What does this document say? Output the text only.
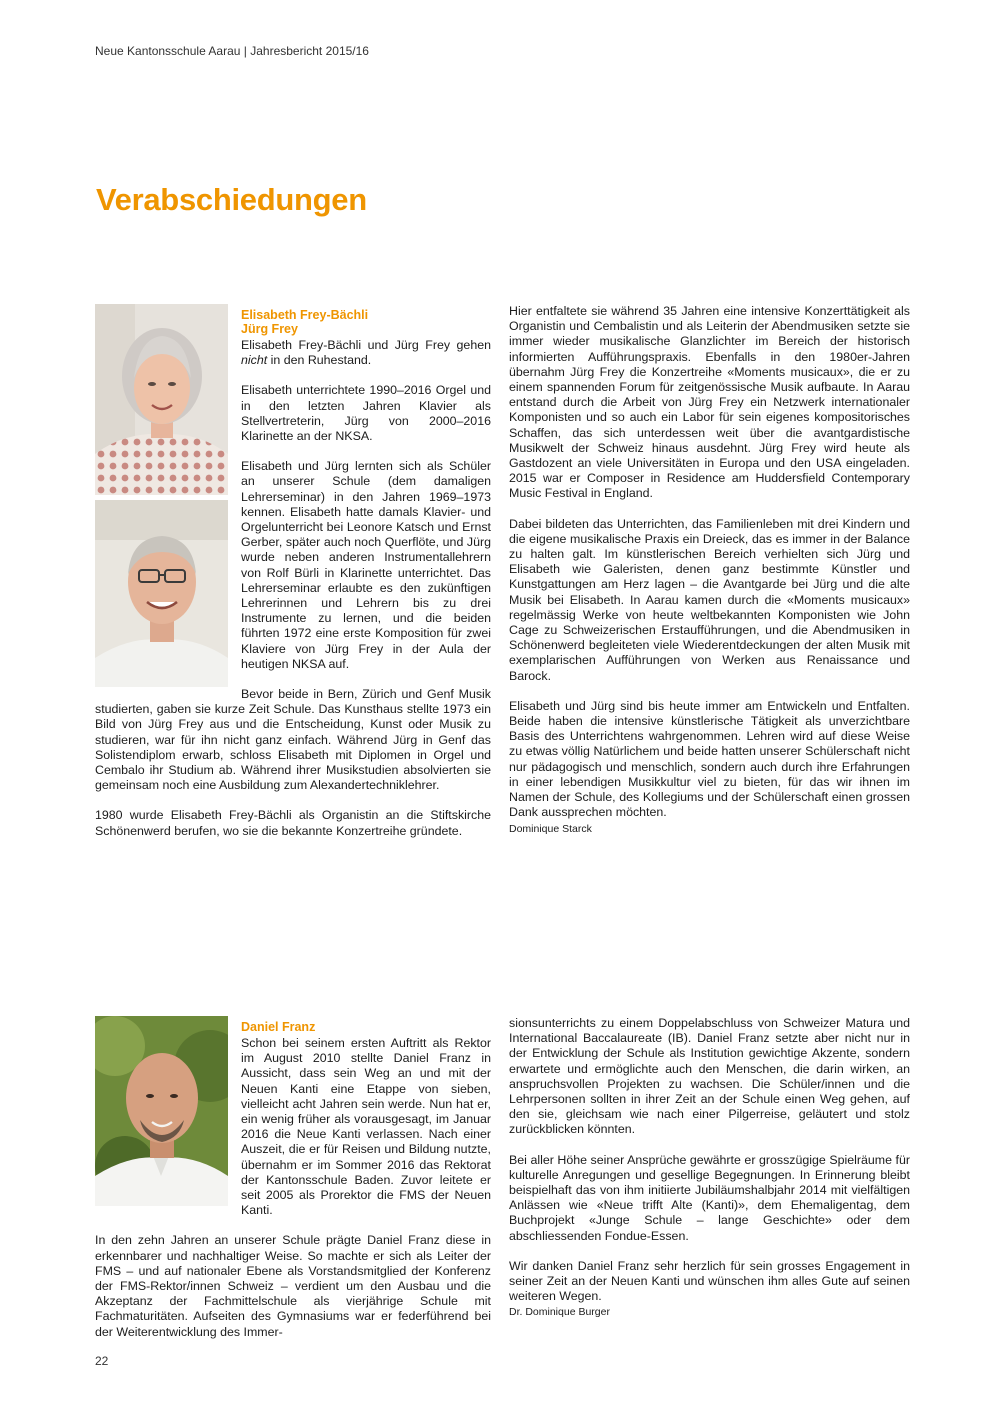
Neue Kantonsschule Aarau | Jahresbericht 2015/16
Verabschiedungen
Elisabeth Frey-Bächli
Jürg Frey

Elisabeth Frey-Bächli und Jürg Frey gehen nicht in den Ruhestand.

Elisabeth unterrichtete 1990–2016 Orgel und in den letzten Jahren Klavier als Stellvertreterin, Jürg von 2000–2016 Klarinette an der NKSA.

Elisabeth und Jürg lernten sich als Schüler an unserer Schule (dem damaligen Lehrerseminar) in den Jahren 1969–1973 kennen. Elisabeth hatte damals Klavier- und Orgelunterricht bei Leonore Katsch und Ernst Gerber, später auch noch Querflöte, und Jürg wurde neben anderen Instrumentallehrern von Rolf Bürli in Klarinette unterrichtet. Das Lehrerseminar erlaubte es den zukünftigen Lehrerinnen und Lehrern bis zu drei Instrumente zu lernen, und die beiden führten 1972 eine erste Komposition für zwei Klaviere von Jürg Frey in der Aula der heutigen NKSA auf.

Bevor beide in Bern, Zürich und Genf Musik studierten, gaben sie kurze Zeit Schule. Das Kunsthaus stellte 1973 ein Bild von Jürg Frey aus und die Entscheidung, Kunst oder Musik zu studieren, war für ihn nicht ganz einfach. Während Jürg in Genf das Solistendiplom erwarb, schloss Elisabeth mit Diplomen in Orgel und Cembalo ihr Studium ab. Während ihrer Musikstudien absolvierten sie gemeinsam noch eine Ausbildung zum Alexandertechniklehrer.

1980 wurde Elisabeth Frey-Bächli als Organistin an die Stiftskirche Schönenwerd berufen, wo sie die bekannte Konzertreihe gründete.

Hier entfaltete sie während 35 Jahren eine intensive Konzerttätigkeit als Organistin und Cembalistin und als Leiterin der Abendmusiken setzte sie immer wieder musikalische Glanzlichter im Bereich der historisch informierten Aufführungspraxis. Ebenfalls in den 1980er-Jahren übernahm Jürg Frey die Konzertreihe «Moments musicaux», die er zu einem spannenden Forum für zeitgenössische Musik aufbaute. In Aarau entstand durch die Arbeit von Jürg Frey ein Netzwerk internationaler Komponisten und so auch ein Labor für sein eigenes kompositorisches Schaffen, das sich unterdessen weit über die avantgardistische Musikwelt der Schweiz hinaus ausdehnt. Jürg Frey wird heute als Gastdozent an viele Universitäten in Europa und den USA eingeladen. 2015 war er Composer in Residence am Huddersfield Contemporary Music Festival in England.

Dabei bildeten das Unterrichten, das Familienleben mit drei Kindern und die eigene musikalische Praxis ein Dreieck, das es immer in der Balance zu halten galt. Im künstlerischen Bereich verhielten sich Jürg und Elisabeth wie Galeristen, denen ganz bestimmte Künstler und Kunstgattungen am Herz lagen – die Avantgarde bei Jürg und die alte Musik bei Elisabeth. In Aarau kamen durch die «Moments musicaux» regelmässig Werke von heute weltbekannten Komponisten wie John Cage zu Schweizerischen Erstaufführungen, und die Abendmusiken in Schönenwerd begleiteten viele Wiederentdeckungen der alten Musik mit exemplarischen Aufführungen von Werken aus Renaissance und Barock.

Elisabeth und Jürg sind bis heute immer am Entwickeln und Entfalten. Beide haben die intensive künstlerische Tätigkeit als unverzichtbare Basis des Unterrichtens wahrgenommen. Lehren wird auf diese Weise zu etwas völlig Natürlichem und beide hatten unserer Schülerschaft nicht nur pädagogisch und menschlich, sondern auch durch ihre Erfahrungen in einer lebendigen Musikkultur viel zu bieten, für das wir ihnen im Namen der Schule, des Kollegiums und der Schülerschaft einen grossen Dank aussprechen möchten.

Dominique Starck
Daniel Franz

Schon bei seinem ersten Auftritt als Rektor im August 2010 stellte Daniel Franz in Aussicht, dass sein Weg an und mit der Neuen Kanti eine Etappe von sieben, vielleicht acht Jahren sein werde. Nun hat er, ein wenig früher als vorausgesagt, im Januar 2016 die Neue Kanti verlassen. Nach einer Auszeit, die er für Reisen und Bildung nutzte, übernahm er im Sommer 2016 das Rektorat der Kantonsschule Baden. Zuvor leitete er seit 2005 als Prorektor die FMS der Neuen Kanti.

In den zehn Jahren an unserer Schule prägte Daniel Franz diese in erkennbarer und nachhaltiger Weise. So machte er sich als Leiter der FMS – und auf nationaler Ebene als Vorstandsmitglied der Konferenz der FMS-Rektor/innen Schweiz – verdient um den Ausbau und die Akzeptanz der Fachmittelschule als vierjährige Schule mit Fachmaturitäten. Aufseiten des Gymnasiums war er federführend bei der Weiterentwicklung des Immer-

sionsunterrichts zu einem Doppelabschluss von Schweizer Matura und International Baccalaureate (IB). Daniel Franz setzte aber nicht nur in der Entwicklung der Schule als Institution gewichtige Akzente, sondern erwartete und ermöglichte auch den Menschen, die darin wirken, an anspruchsvollen Projekten zu wachsen. Die Schüler/innen und die Lehrpersonen sollten in ihrer Zeit an der Schule einen Weg gehen, auf den sie, gleichsam wie nach einer Pilgerreise, geläutert und stolz zurückblicken könnten.

Bei aller Höhe seiner Ansprüche gewährte er grosszügige Spielräume für kulturelle Anregungen und gesellige Begegnungen. In Erinnerung bleibt beispielhaft das von ihm initiierte Jubiläumshalbjahr 2014 mit vielfältigen Anlässen wie «Neue trifft Alte (Kanti)», dem Ehemaligentag, dem Buchprojekt «Junge Schule – lange Geschichte» oder dem abschliessenden Fondue-Essen.

Wir danken Daniel Franz sehr herzlich für sein grosses Engagement in seiner Zeit an der Neuen Kanti und wünschen ihm alles Gute auf seinen weiteren Wegen.

Dr. Dominique Burger
22
